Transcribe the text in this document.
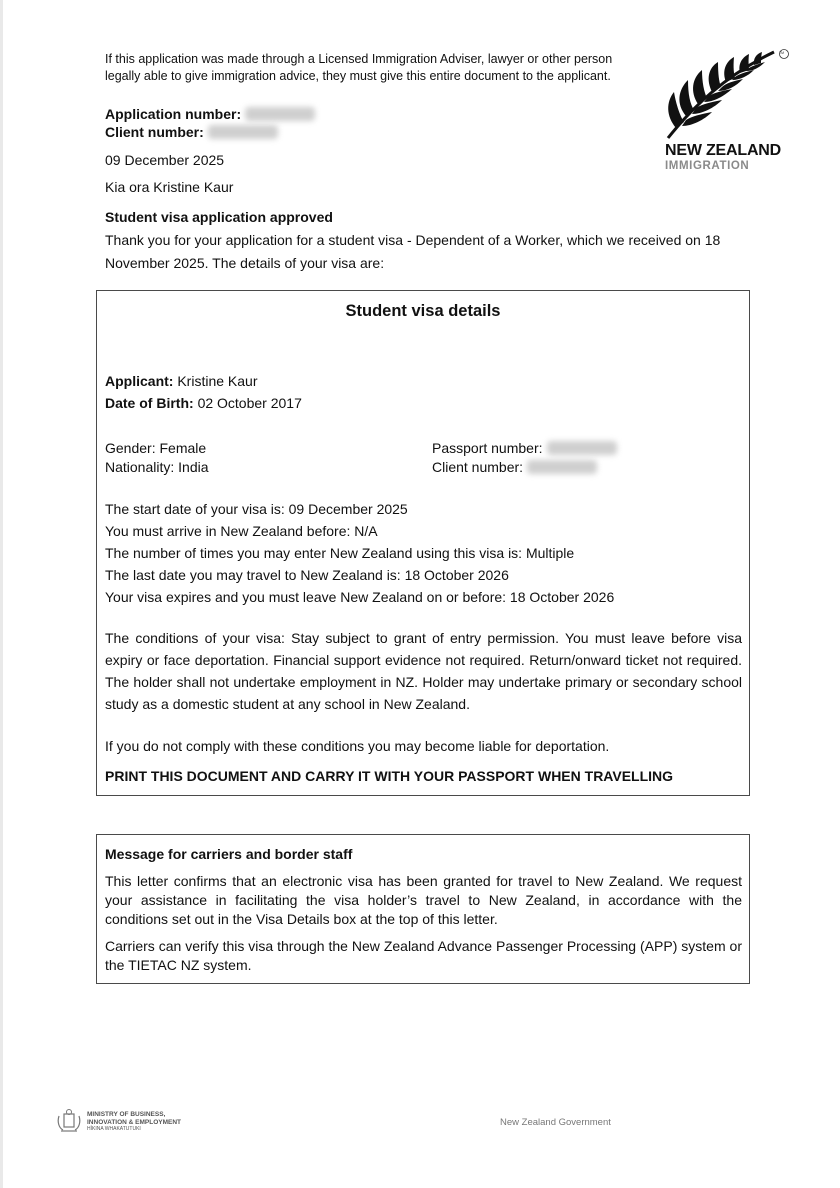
If this application was made through a Licensed Immigration Adviser, lawyer or other person legally able to give immigration advice, they must give this entire document to the applicant.
Application number:
Client number:
09 December 2025
Kia ora Kristine Kaur
TM
NEW ZEALAND
IMMIGRATION
Student visa application approved
Thank you for your application for a student visa - Dependent of a Worker, which we received on 18 November 2025. The details of your visa are:
Student visa details
Applicant: Kristine Kaur
Date of Birth: 02 October 2017
Gender: Female
Nationality: India
Passport number:
Client number:
The start date of your visa is: 09 December 2025
You must arrive in New Zealand before: N/A
The number of times you may enter New Zealand using this visa is: Multiple
The last date you may travel to New Zealand is: 18 October 2026
Your visa expires and you must leave New Zealand on or before: 18 October 2026
The conditions of your visa: Stay subject to grant of entry permission. You must leave before visa expiry or face deportation. Financial support evidence not required. Return/onward ticket not required. The holder shall not undertake employment in NZ. Holder may undertake primary or secondary school study as a domestic student at any school in New Zealand.
If you do not comply with these conditions you may become liable for deportation.
PRINT THIS DOCUMENT AND CARRY IT WITH YOUR PASSPORT WHEN TRAVELLING
Message for carriers and border staff
This letter confirms that an electronic visa has been granted for travel to New Zealand. We request your assistance in facilitating the visa holder’s travel to New Zealand, in accordance with the conditions set out in the Visa Details box at the top of this letter.
Carriers can verify this visa through the New Zealand Advance Passenger Processing (APP) system or the TIETAC NZ system.
MINISTRY OF BUSINESS,
INNOVATION & EMPLOYMENT
HĪKINA WHAKATUTUKI
New Zealand Government
